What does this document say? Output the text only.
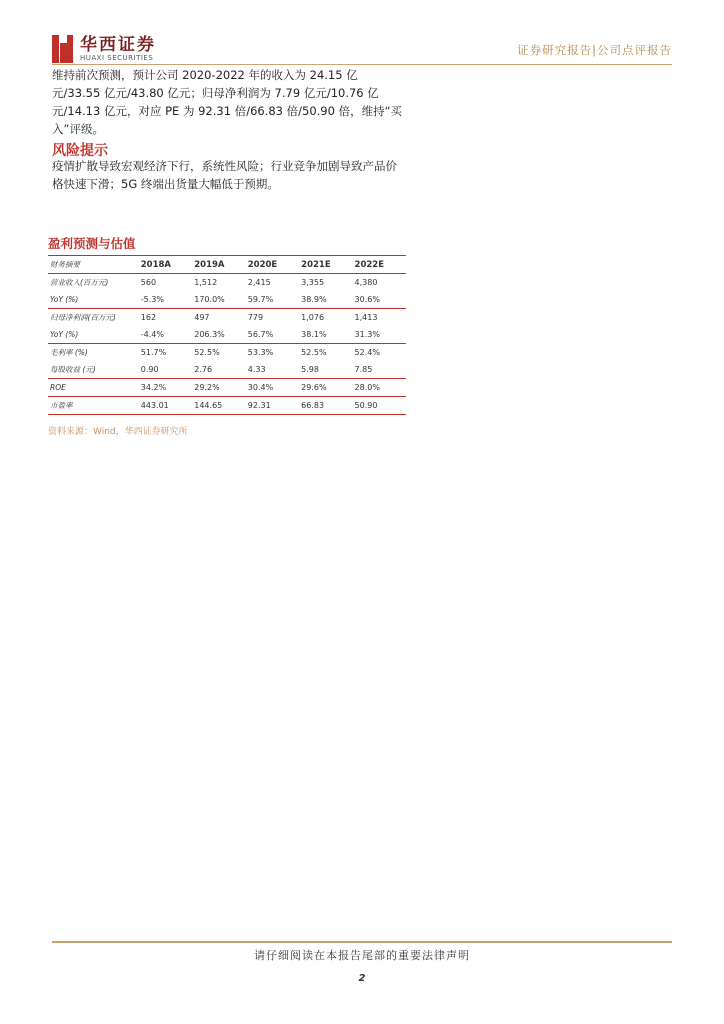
华西证券
HUAXI SECURITIES
证券研究报告|公司点评报告
维持前次预测，预计公司 2020-2022 年的收入为 24.15 亿元/33.55 亿元/43.80 亿元；归母净利润为 7.79 亿元/10.76 亿元/14.13 亿元，对应 PE 为 92.31 倍/66.83 倍/50.90 倍，维持“买入”评级。
风险提示
疫情扩散导致宏观经济下行，系统性风险；行业竞争加剧导致产品价格快速下滑；5G 终端出货量大幅低于预期。
盈利预测与估值
财务摘要	2018A	2019A	2020E	2021E	2022E
营业收入(百万元)	560	1,512	2,415	3,355	4,380
YoY (%)	-5.3%	170.0%	59.7%	38.9%	30.6%
归母净利润(百万元)	162	497	779	1,076	1,413
YoY (%)	-4.4%	206.3%	56.7%	38.1%	31.3%
毛利率 (%)	51.7%	52.5%	53.3%	52.5%	52.4%
每股收益 (元)	0.90	2.76	4.33	5.98	7.85
ROE	34.2%	29.2%	30.4%	29.6%	28.0%
市盈率	443.01	144.65	92.31	66.83	50.90
资料来源：Wind，华西证券研究所
请仔细阅读在本报告尾部的重要法律声明
2
